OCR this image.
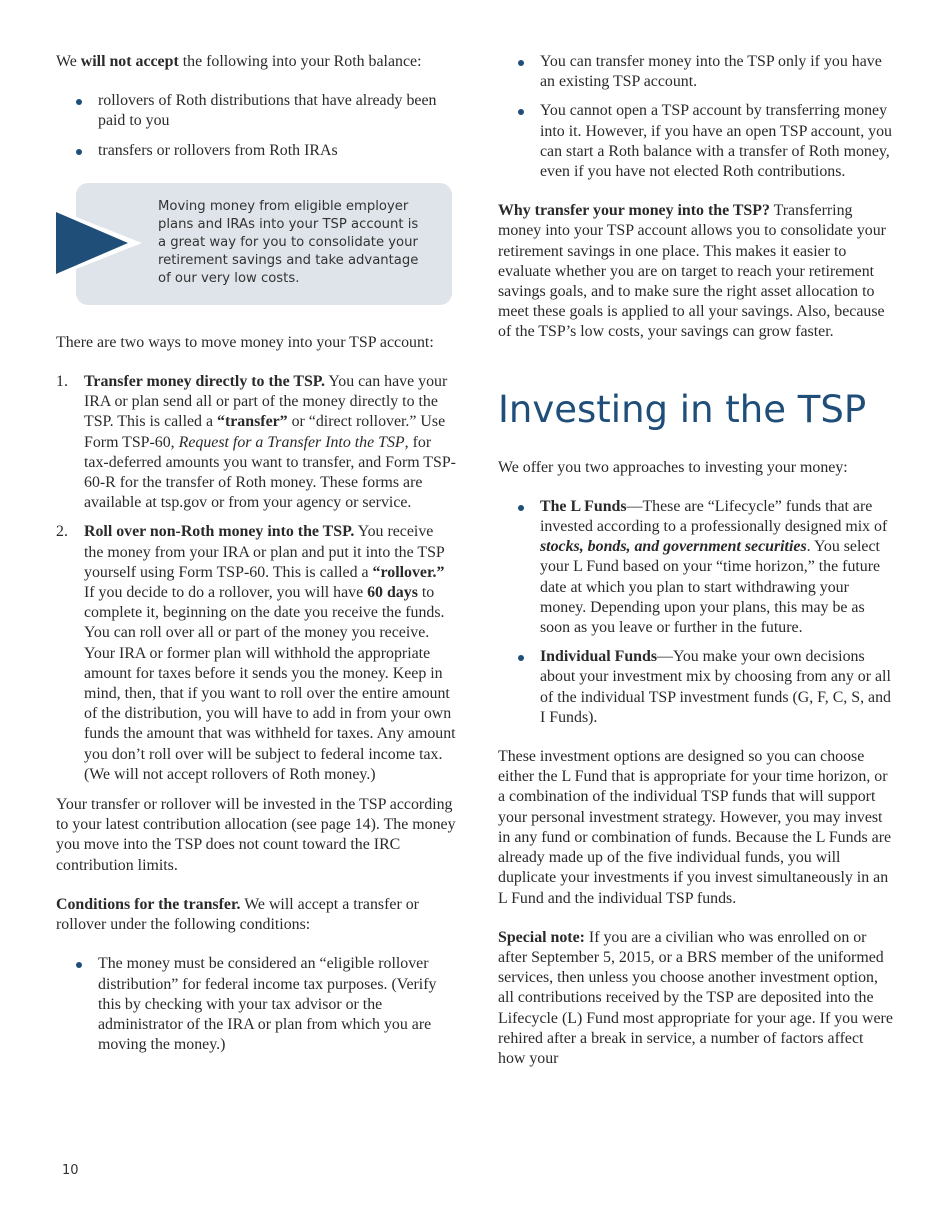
We will not accept the following into your Roth balance:

rollovers of Roth distributions that have already been paid to you
transfers or rollovers from Roth IRAs
Moving money from eligible employer plans and IRAs into your TSP account is a great way for you to consolidate your retirement savings and take advantage of our very low costs.

There are two ways to move money into your TSP account:

1. Transfer money directly to the TSP. You can have your IRA or plan send all or part of the money directly to the TSP. This is called a “transfer” or “direct rollover.” Use Form TSP-60, Request for a Transfer Into the TSP, for tax-deferred amounts you want to transfer, and Form TSP-60-R for the transfer of Roth money. These forms are available at tsp.gov or from your agency or service.
2. Roll over non-Roth money into the TSP. You receive the money from your IRA or plan and put it into the TSP yourself using Form TSP-60. This is called a “rollover.” If you decide to do a rollover, you will have 60 days to complete it, beginning on the date you receive the funds. You can roll over all or part of the money you receive. Your IRA or former plan will withhold the appropriate amount for taxes before it sends you the money. Keep in mind, then, that if you want to roll over the entire amount of the distribution, you will have to add in from your own funds the amount that was withheld for taxes. Any amount you don’t roll over will be subject to federal income tax. (We will not accept rollovers of Roth money.)

Your transfer or rollover will be invested in the TSP according to your latest contribution allocation (see page 14). The money you move into the TSP does not count toward the IRC contribution limits.

Conditions for the transfer. We will accept a transfer or rollover under the following conditions:

The money must be considered an “eligible rollover distribution” for federal income tax purposes. (Verify this by checking with your tax advisor or the administrator of the IRA or plan from which you are moving the money.)
You can transfer money into the TSP only if you have an existing TSP account.
You cannot open a TSP account by transferring money into it. However, if you have an open TSP account, you can start a Roth balance with a transfer of Roth money, even if you have not elected Roth contributions.

Why transfer your money into the TSP? Transferring money into your TSP account allows you to consolidate your retirement savings in one place. This makes it easier to evaluate whether you are on target to reach your retirement savings goals, and to make sure the right asset allocation to meet these goals is applied to all your savings. Also, because of the TSP’s low costs, your savings can grow faster.

Investing in the TSP

We offer you two approaches to investing your money:

The L Funds—These are “Lifecycle” funds that are invested according to a professionally designed mix of stocks, bonds, and government securities. You select your L Fund based on your “time horizon,” the future date at which you plan to start withdrawing your money. Depending upon your plans, this may be as soon as you leave or further in the future.
Individual Funds—You make your own decisions about your investment mix by choosing from any or all of the individual TSP investment funds (G, F, C, S, and I Funds).

These investment options are designed so you can choose either the L Fund that is appropriate for your time horizon, or a combination of the individual TSP funds that will support your personal investment strategy. However, you may invest in any fund or combination of funds. Because the L Funds are already made up of the five individual funds, you will duplicate your investments if you invest simultaneously in an L Fund and the individual TSP funds.

Special note: If you are a civilian who was enrolled on or after September 5, 2015, or a BRS member of the uniformed services, then unless you choose another investment option, all contributions received by the TSP are deposited into the Lifecycle (L) Fund most appropriate for your age. If you were rehired after a break in service, a number of factors affect how your

10
